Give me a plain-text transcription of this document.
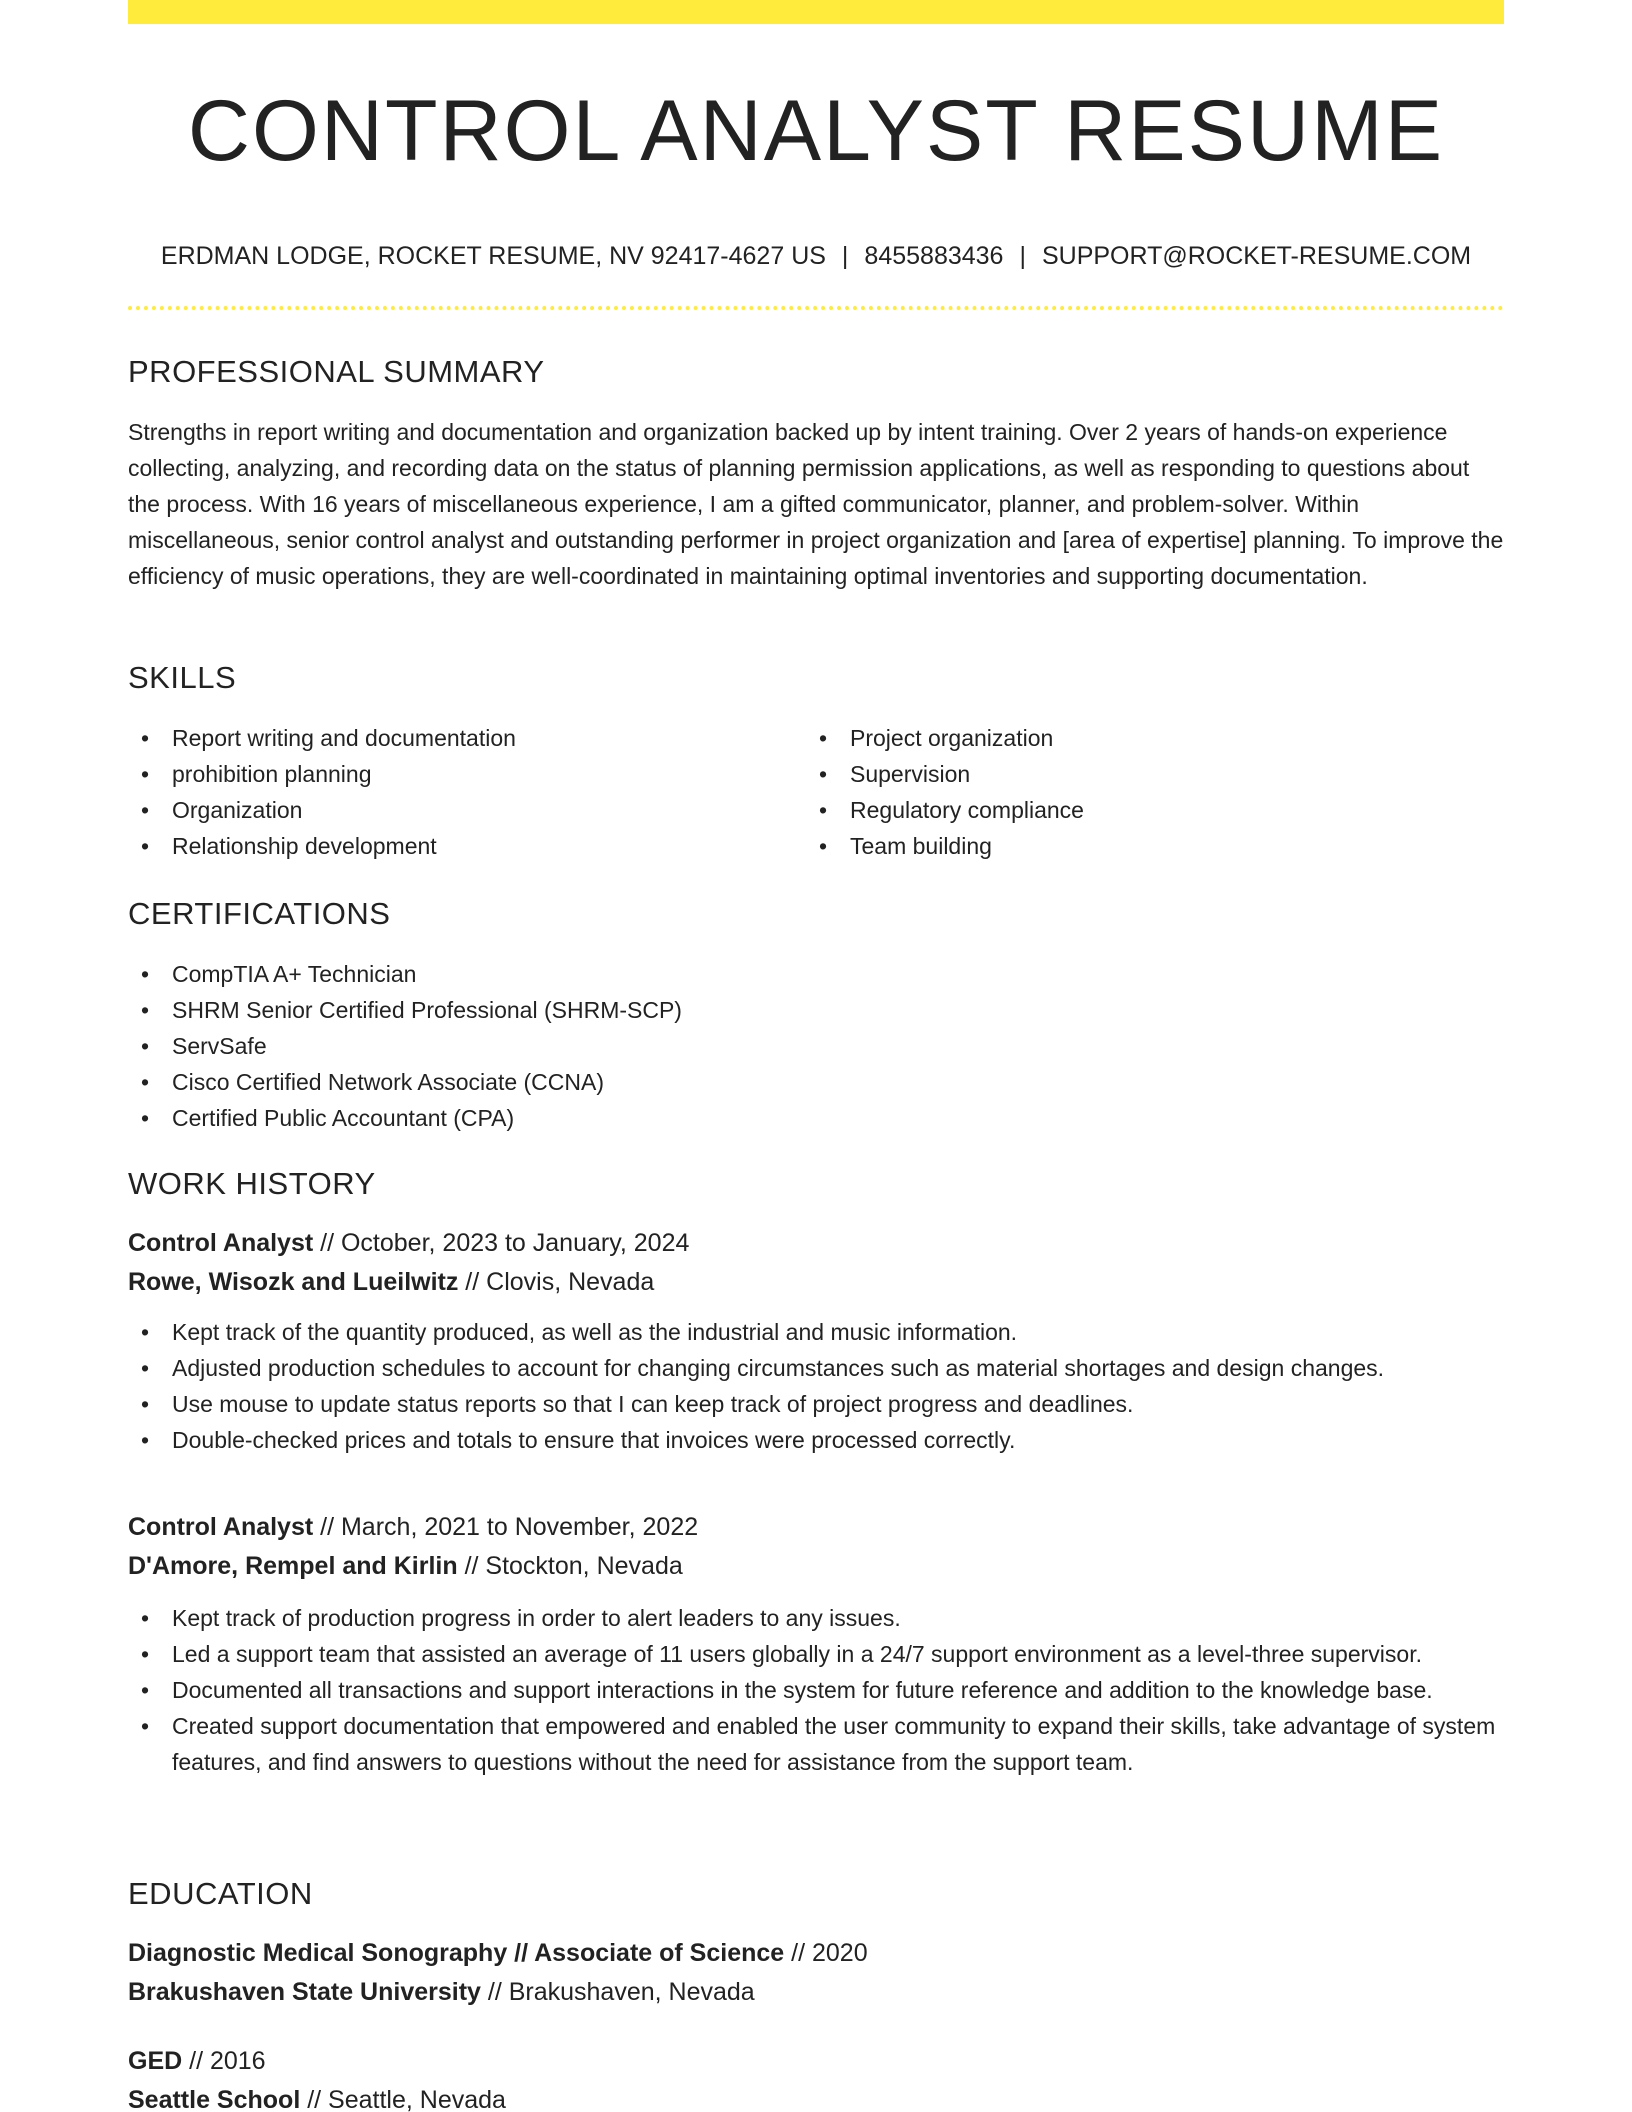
CONTROL ANALYST RESUME
ERDMAN LODGE, ROCKET RESUME, NV 92417-4627 US | 8455883436 | SUPPORT@ROCKET-RESUME.COM
PROFESSIONAL SUMMARY

Strengths in report writing and documentation and organization backed up by intent training. Over 2 years of hands-on experience collecting, analyzing, and recording data on the status of planning permission applications, as well as responding to questions about the process. With 16 years of miscellaneous experience, I am a gifted communicator, planner, and problem-solver. Within miscellaneous, senior control analyst and outstanding performer in project organization and [area of expertise] planning. To improve the efficiency of music operations, they are well-coordinated in maintaining optimal inventories and supporting documentation.

SKILLS
• Report writing and documentation
• prohibition planning
• Organization
• Relationship development
• Project organization
• Supervision
• Regulatory compliance
• Team building
CERTIFICATIONS
• CompTIA A+ Technician
• SHRM Senior Certified Professional (SHRM-SCP)
• ServSafe
• Cisco Certified Network Associate (CCNA)
• Certified Public Accountant (CPA)
WORK HISTORY
Control Analyst // October, 2023 to January, 2024
Rowe, Wisozk and Lueilwitz // Clovis, Nevada
• Kept track of the quantity produced, as well as the industrial and music information.
• Adjusted production schedules to account for changing circumstances such as material shortages and design changes.
• Use mouse to update status reports so that I can keep track of project progress and deadlines.
• Double-checked prices and totals to ensure that invoices were processed correctly.
Control Analyst // March, 2021 to November, 2022
D'Amore, Rempel and Kirlin // Stockton, Nevada
• Kept track of production progress in order to alert leaders to any issues.
• Led a support team that assisted an average of 11 users globally in a 24/7 support environment as a level-three supervisor.
• Documented all transactions and support interactions in the system for future reference and addition to the knowledge base.
• Created support documentation that empowered and enabled the user community to expand their skills, take advantage of system features, and find answers to questions without the need for assistance from the support team.
EDUCATION
Diagnostic Medical Sonography // Associate of Science // 2020
Brakushaven State University // Brakushaven, Nevada
GED // 2016
Seattle School // Seattle, Nevada
